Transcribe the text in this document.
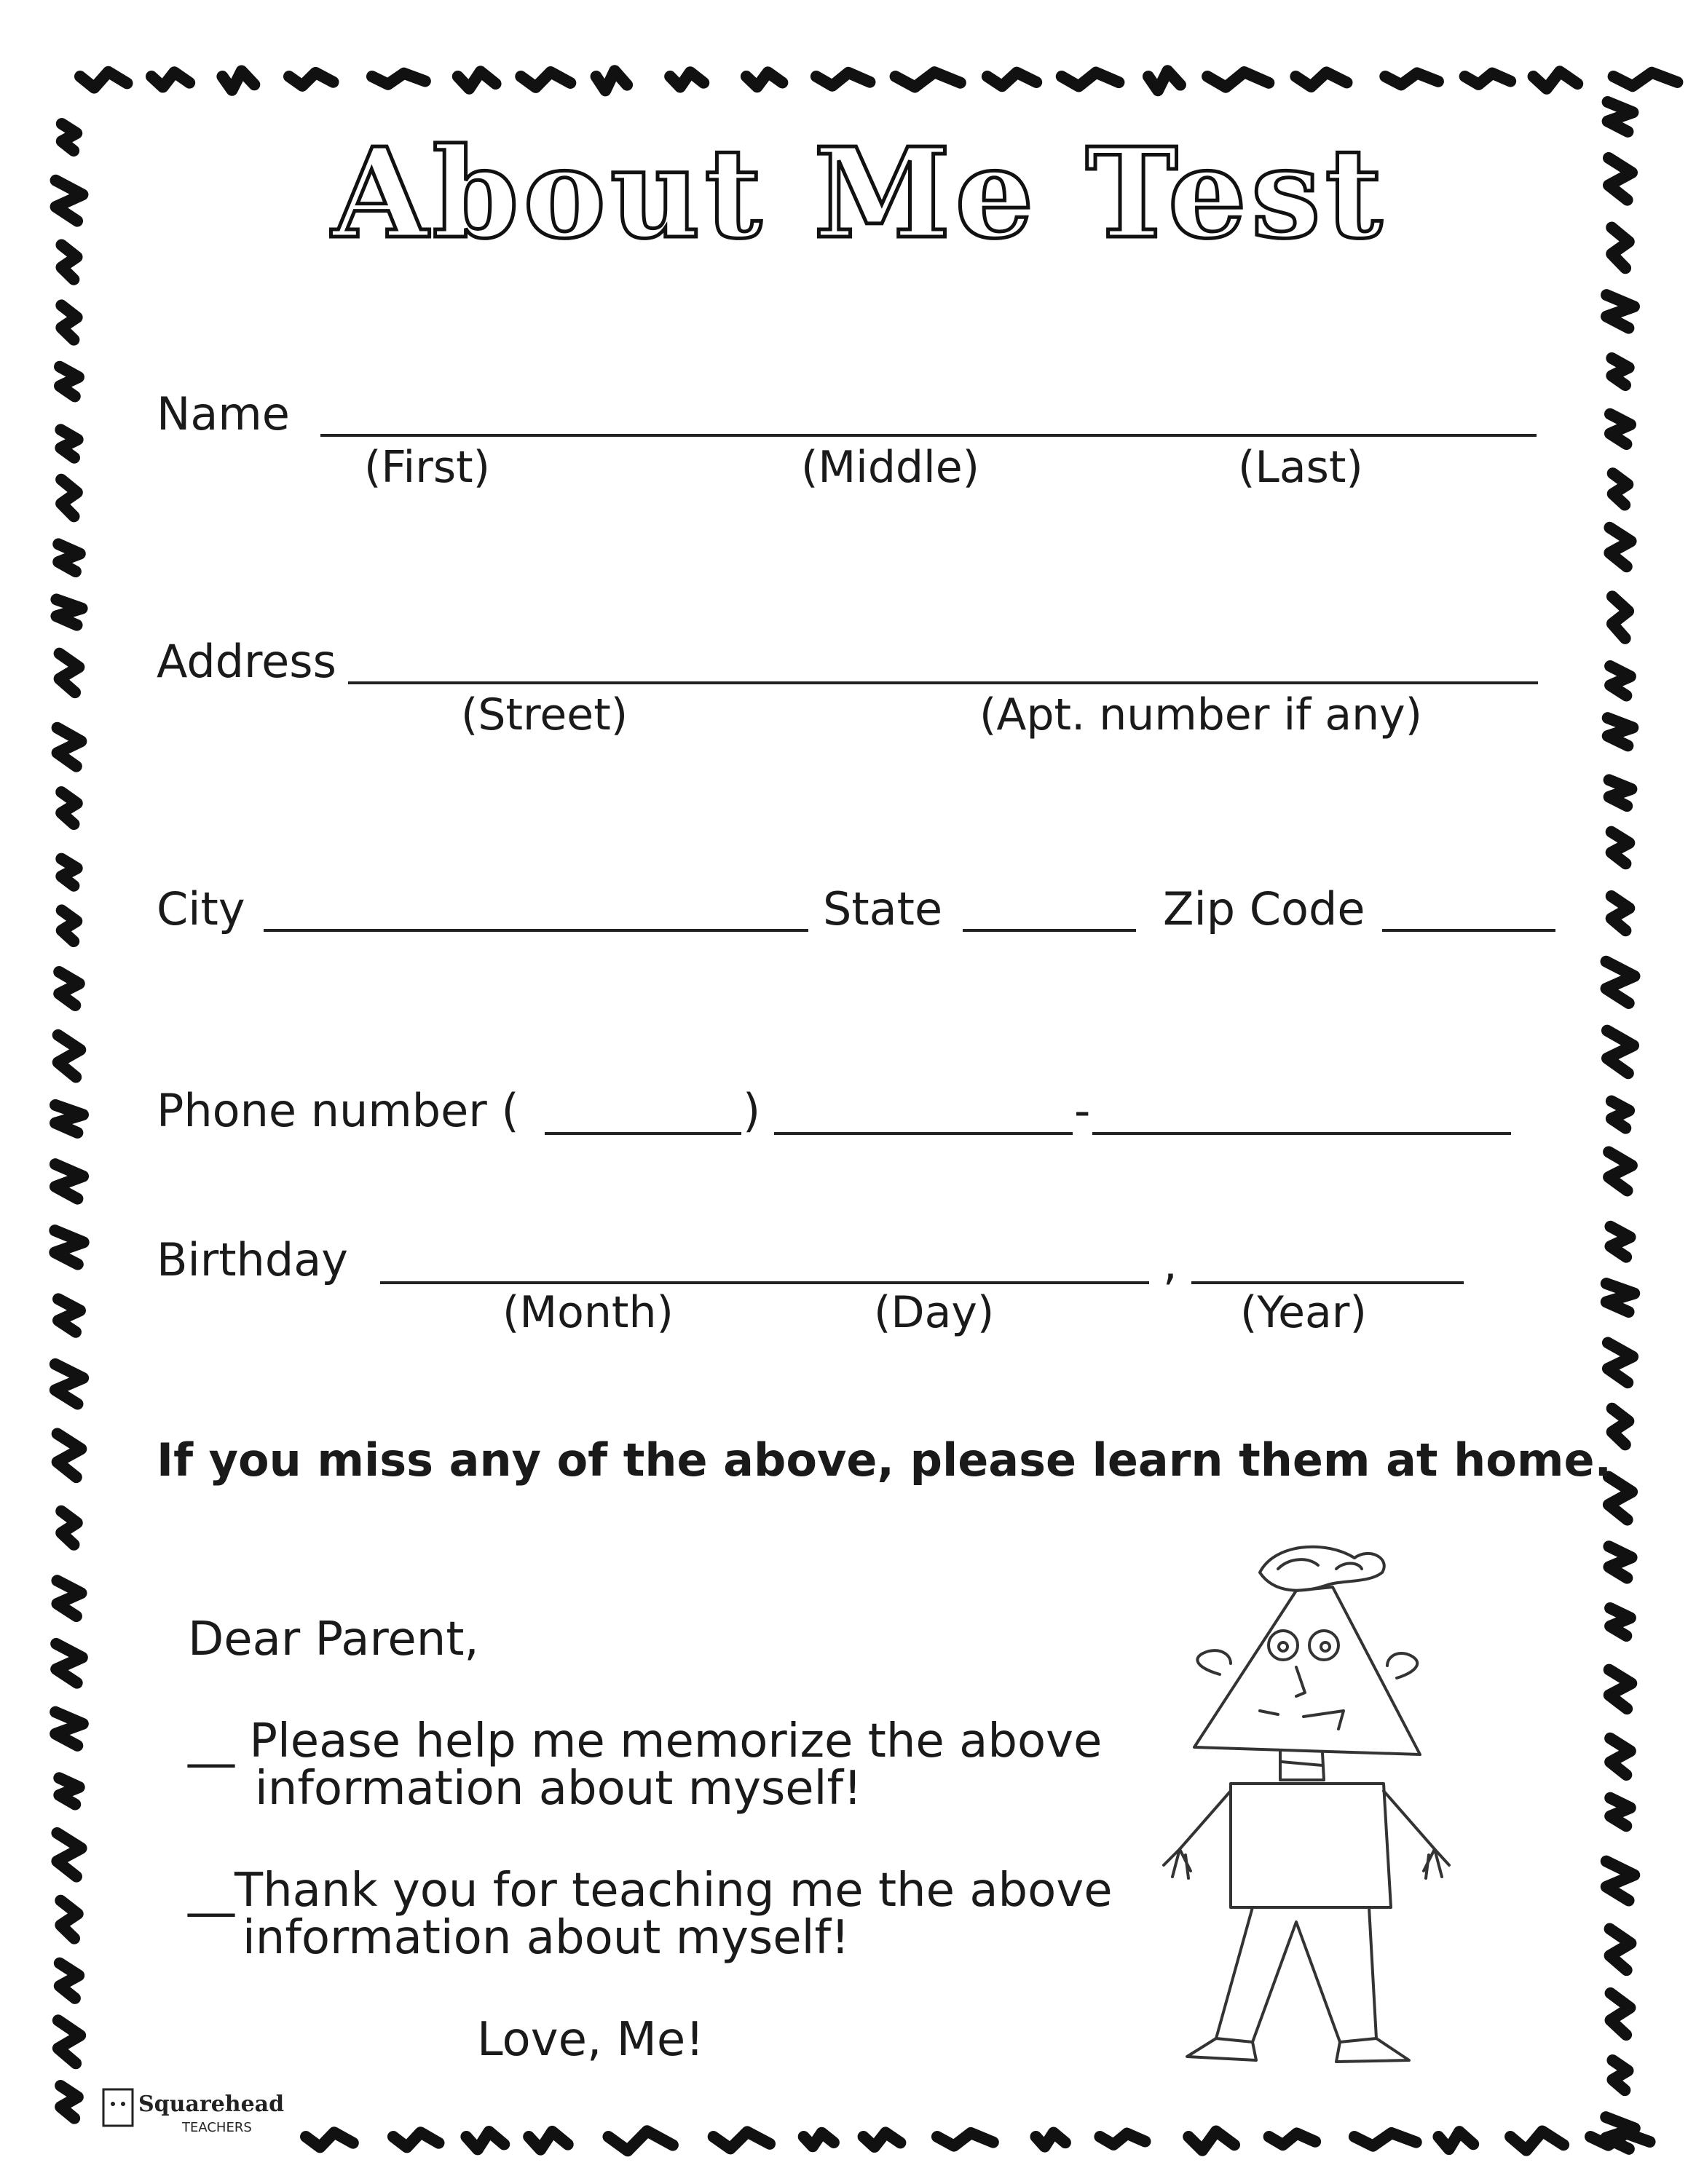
About Me Test
Name
(First)	(Middle)	(Last)
Address
(Street)	(Apt. number if any)
City	State	Zip Code
Phone number (	)	-
Birthday	,
(Month)	(Day)	(Year)
If you miss any of the above, please learn them at home.
Dear Parent,
__ Please help me memorize the above
information about myself!
__Thank you for teaching me the above
information about myself!
Love, Me!
Squarehead
TEACHERS
